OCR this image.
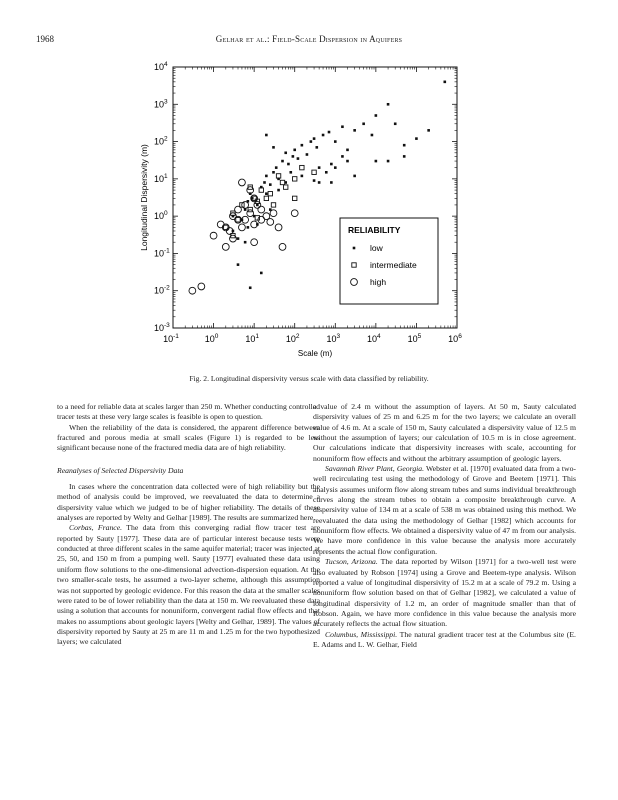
1968	Gelhar et al.: Field-Scale Dispersion in Aquifers
$10^{-1}$	$10^0$	$10^1$	$10^2$	$10^3$	$10^4$	$10^5$	$10^6$
$10^{-3}$
$10^{-2}$
$10^{-1}$
$10^0$
$10^1$
$10^2$
$10^3$
$10^4$
RELIABILITY
low
intermediate
high
Scale (m)
Longitudinal Dispersivity (m)
Fig. 2. Longitudinal dispersivity versus scale with data classified by reliability.

to a need for reliable data at scales larger than 250 m. Whether conducting controlled tracer tests at these very large scales is feasible is open to question.

When the reliability of the data is considered, the apparent difference between fractured and porous media at small scales (Figure 1) is regarded to be less significant because none of the fractured media data are of high reliability.

Reanalyses of Selected Dispersivity Data

In cases where the concentration data collected were of high reliability but the method of analysis could be improved, we reevaluated the data to determine a dispersivity value which we judged to be of higher reliability. The details of these analyses are reported by Welty and Gelhar [1989]. The results are summarized here.

Corbas, France. The data from this converging radial flow tracer test are reported by Sauty [1977]. These data are of particular interest because tests were conducted at three different scales in the same aquifer material; tracer was injected at 25, 50, and 150 m from a pumping well. Sauty [1977] evaluated these data using uniform flow solutions to the one-dimensional advection-dispersion equation. At the two smaller-scale tests, he assumed a two-layer scheme, although this assumption was not supported by geologic evidence. For this reason the data at the smaller scales were rated to be of lower reliability than the data at 150 m. We reevaluated these data using a solution that accounts for nonuniform, convergent radial flow effects and that makes no assumptions about geologic layers [Welty and Gelhar, 1989]. The values of dispersivity reported by Sauty at 25 m are 11 m and 1.25 m for the two hypothesized layers; we calculated

a value of 2.4 m without the assumption of layers. At 50 m, Sauty calculated dispersivity values of 25 m and 6.25 m for the two layers; we calculate an overall value of 4.6 m. At a scale of 150 m, Sauty calculated a dispersivity value of 12.5 m without the assumption of layers; our calculation of 10.5 m is in close agreement. Our calculations indicate that dispersivity increases with scale, accounting for nonuniform flow effects and without the arbitrary assumption of geologic layers.

Savannah River Plant, Georgia. Webster et al. [1970] evaluated data from a two-well recirculating test using the methodology of Grove and Beetem [1971]. This analysis assumes uniform flow along stream tubes and sums individual breakthrough curves along the stream tubes to obtain a composite breakthrough curve. A dispersivity value of 134 m at a scale of 538 m was obtained using this method. We reevaluated the data using the methodology of Gelhar [1982] which accounts for nonuniform flow effects. We obtained a dispersivity value of 47 m from our analysis. We have more confidence in this value because the analysis more accurately represents the actual flow configuration.

Tucson, Arizona. The data reported by Wilson [1971] for a two-well test were also evaluated by Robson [1974] using a Grove and Beetem-type analysis. Wilson reported a value of longitudinal dispersivity of 15.2 m at a scale of 79.2 m. Using a nonuniform flow solution based on that of Gelhar [1982], we calculated a value of longitudinal dispersivity of 1.2 m, an order of magnitude smaller than that of Robson. Again, we have more confidence in this value because the analysis more accurately reflects the actual flow situation.

Columbus, Mississippi. The natural gradient tracer test at the Columbus site (E. E. Adams and L. W. Gelhar, Field
